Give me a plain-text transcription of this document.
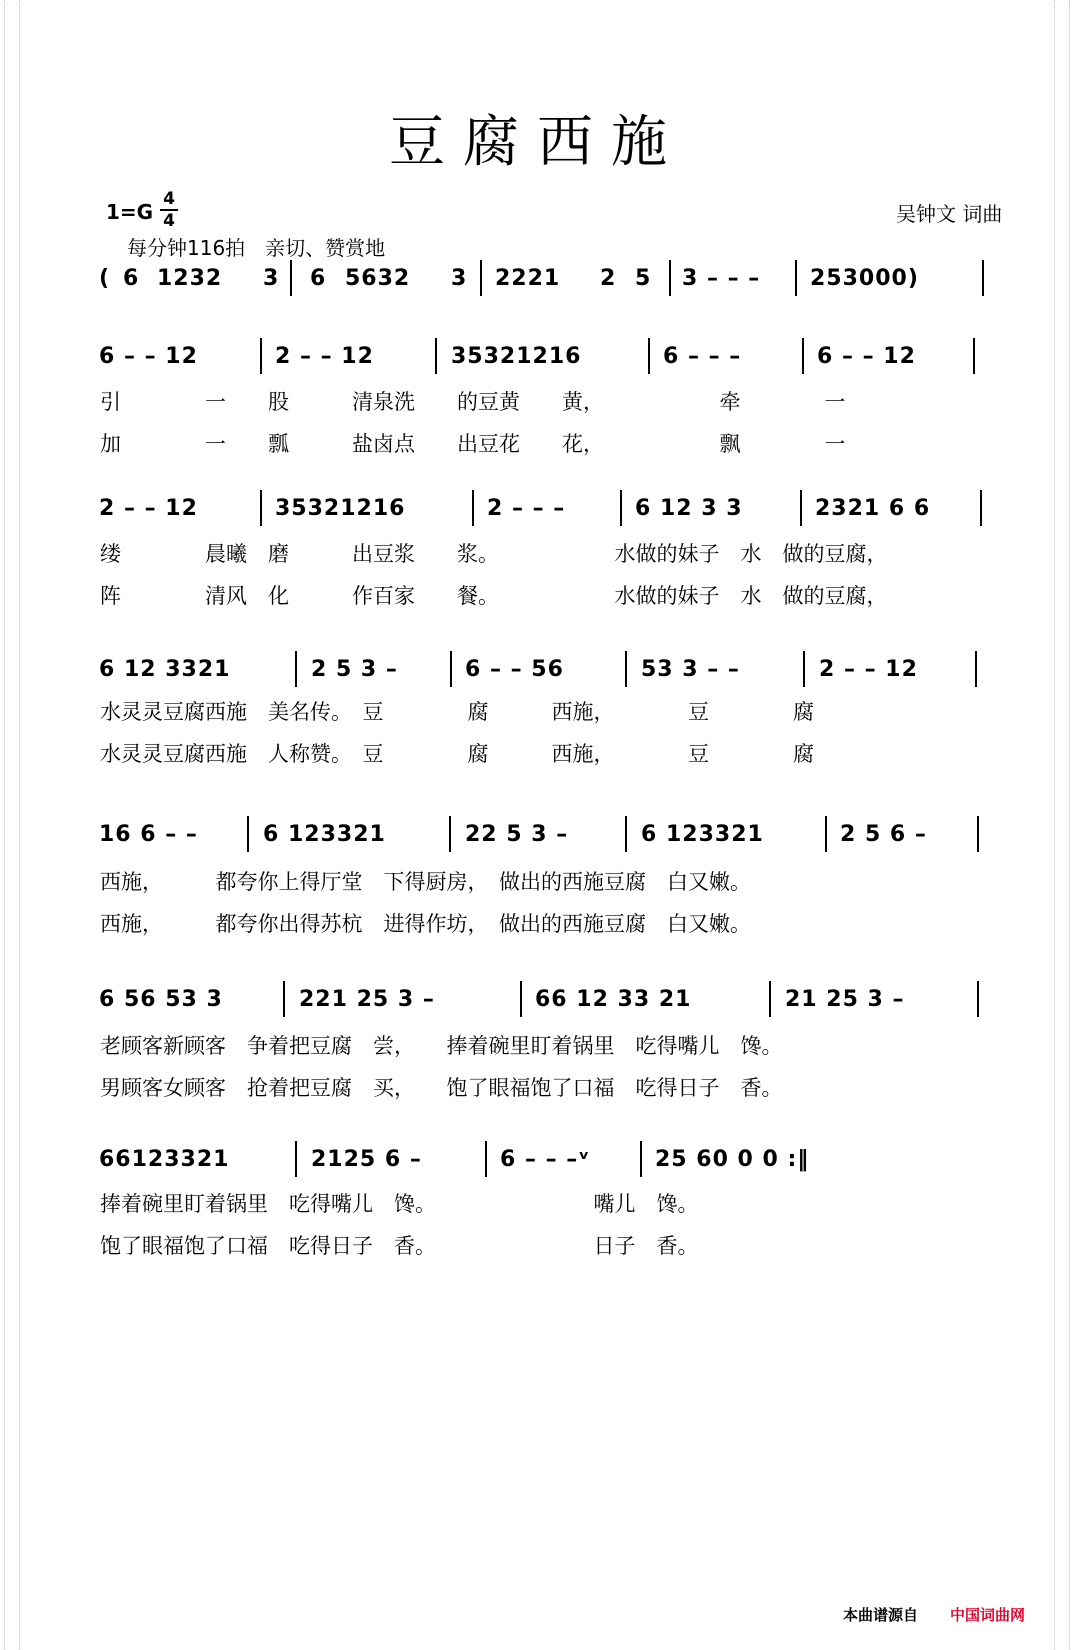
豆腐西施
1=G
4
4	吴钟文 词曲
每分钟116拍　亲切、赞赏地
( 6 1232 3 6 5632 3 2221 2 5 3 – – – 253000)
6 – – 12	2 – – 12	35321216	6 – – –	6 – – 12
2 – – 12	35321216	2 – – –	6 12 3 3	2321 6 6
6 12 3321	2 5 3 –	6 – – 56	53 3 – –	2 – – 12
16 6 – –	6 123321	22 5 3 –	6 123321	2 5 6 –
6 56 53 3	221 25 3 –	66 12 33 21	21 25 3 –
66123321	2125 6 –	6 – – –ᵛ	25 60 0 0 :‖
引　　　　一　　股　　　清泉洗　　的豆黄　　黄，　　　　　　牵　　　　一
加　　　　一　　瓢　　　盐卤点　　出豆花　　花，　　　　　　飘　　　　一
缕　　　　晨曦　磨　　　出豆浆　　浆。　　　　　　水做的妹子　水　做的豆腐，
阵　　　　清风　化　　　作百家　　餐。　　　　　　水做的妹子　水　做的豆腐，
水灵灵豆腐西施　美名传。　豆　　　　腐　　　西施，　　　　豆　　　　腐
水灵灵豆腐西施　人称赞。　豆　　　　腐　　　西施，　　　　豆　　　　腐
西施，　　　都夸你上得厅堂　下得厨房，　做出的西施豆腐　白又嫩。
西施，　　　都夸你出得苏杭　进得作坊，　做出的西施豆腐　白又嫩。
老顾客新顾客　争着把豆腐　尝，　　捧着碗里盯着锅里　吃得嘴儿　馋。
男顾客女顾客　抢着把豆腐　买，　　饱了眼福饱了口福　吃得日子　香。
捧着碗里盯着锅里　吃得嘴儿　馋。　　　　　　　　嘴儿　馋。
饱了眼福饱了口福　吃得日子　香。　　　　　　　　日子　香。
本曲谱源自 中国词曲网
